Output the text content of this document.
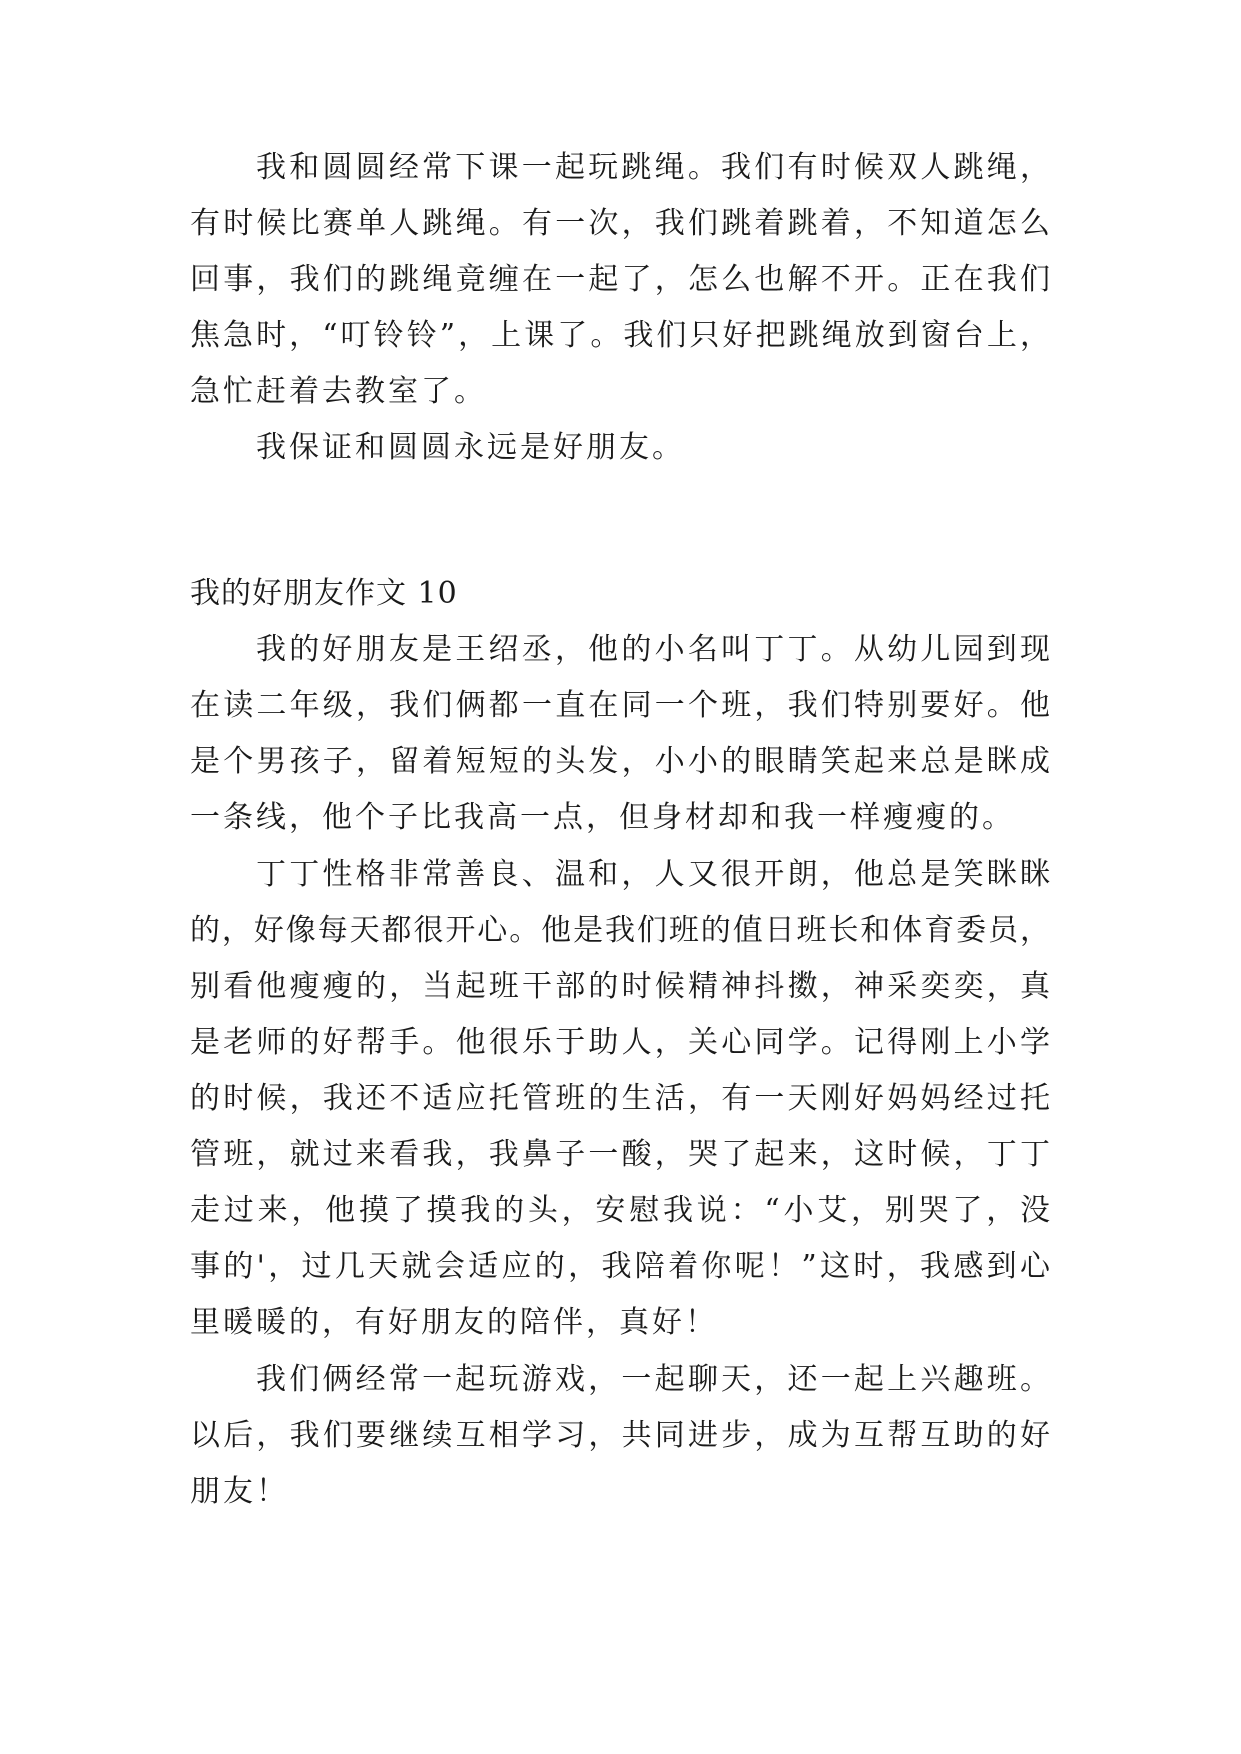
我和圆圆经常下课一起玩跳绳。我们有时候双人跳绳，
有时候比赛单人跳绳。有一次，我们跳着跳着，不知道怎么
回事，我们的跳绳竟缠在一起了，怎么也解不开。正在我们
焦急时，“叮铃铃”，上课了。我们只好把跳绳放到窗台上，
急忙赶着去教室了。
我保证和圆圆永远是好朋友。
我的好朋友作文 10
我的好朋友是王绍丞，他的小名叫丁丁。从幼儿园到现
在读二年级，我们俩都一直在同一个班，我们特别要好。他
是个男孩子，留着短短的头发，小小的眼睛笑起来总是眯成
一条线，他个子比我高一点，但身材却和我一样瘦瘦的。
丁丁性格非常善良、温和，人又很开朗，他总是笑眯眯
的，好像每天都很开心。他是我们班的值日班长和体育委员，
别看他瘦瘦的，当起班干部的时候精神抖擞，神采奕奕，真
是老师的好帮手。他很乐于助人，关心同学。记得刚上小学
的时候，我还不适应托管班的生活，有一天刚好妈妈经过托
管班，就过来看我，我鼻子一酸，哭了起来，这时候，丁丁
走过来，他摸了摸我的头，安慰我说：“小艾，别哭了，没
事的'，过几天就会适应的，我陪着你呢！”这时，我感到心
里暖暖的，有好朋友的陪伴，真好！
我们俩经常一起玩游戏，一起聊天，还一起上兴趣班。
以后，我们要继续互相学习，共同进步，成为互帮互助的好
朋友！
